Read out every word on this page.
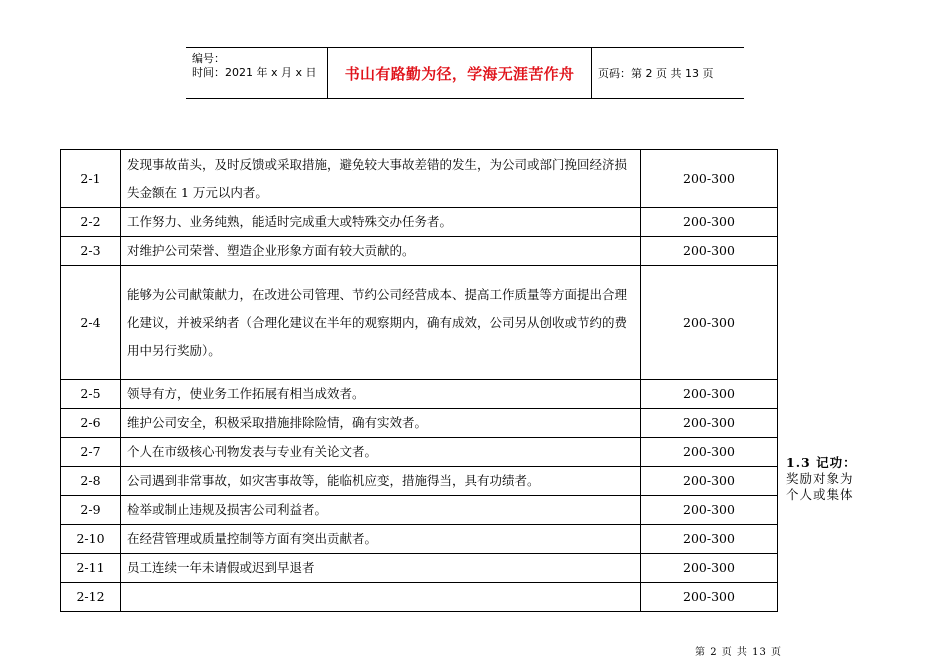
编号：
时间：2021 年 x 月 x 日	书山有路勤为径，学海无涯苦作舟	页码：第 2 页 共 13 页
2-1	发现事故苗头，及时反馈或采取措施，避免较大事故差错的发生，为公司或部门挽回经济损失金额在 1 万元以内者。	200-300
2-2	工作努力、业务纯熟，能适时完成重大或特殊交办任务者。	200-300
2-3	对维护公司荣誉、塑造企业形象方面有较大贡献的。	200-300
2-4	能够为公司献策献力，在改进公司管理、节约公司经营成本、提高工作质量等方面提出合理化建议，并被采纳者（合理化建议在半年的观察期内，确有成效，公司另从创收或节约的费用中另行奖励）。	200-300
2-5	领导有方，使业务工作拓展有相当成效者。	200-300
2-6	维护公司安全，积极采取措施排除险情，确有实效者。	200-300
2-7	个人在市级核心刊物发表与专业有关论文者。	200-300
2-8	公司遇到非常事故，如灾害事故等，能临机应变，措施得当，具有功绩者。	200-300
2-9	检举或制止违规及损害公司利益者。	200-300
2-10	在经营管理或质量控制等方面有突出贡献者。	200-300
2-11	员工连续一年未请假或迟到早退者	200-300
2-12		200-300
1.3 记功：
奖励对象为个人或集体
第 2 页 共 13 页
